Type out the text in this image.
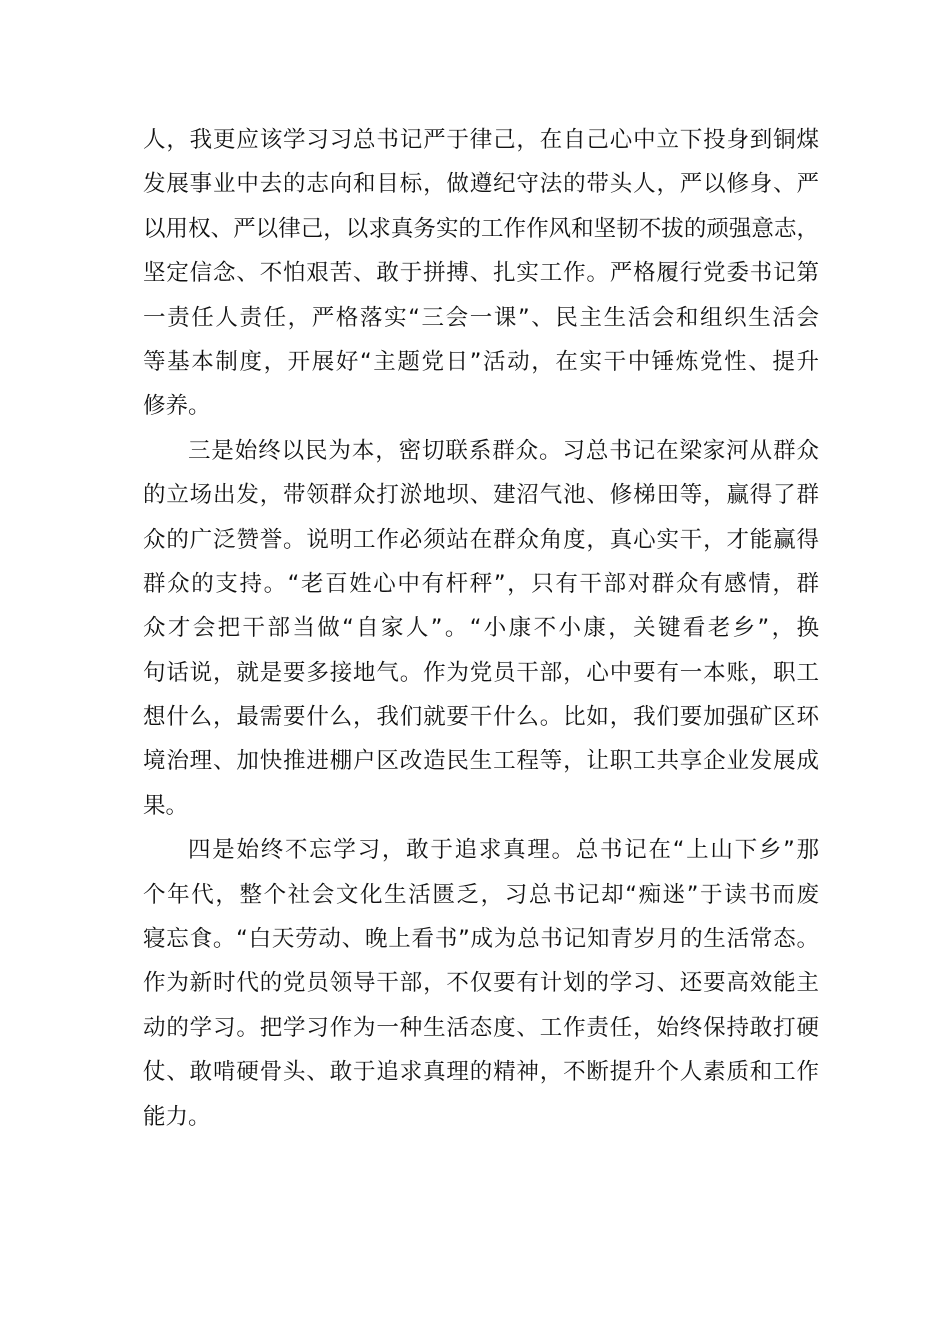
人，我更应该学习习总书记严于律己，在自己心中立下投身到铜煤
发展事业中去的志向和目标，做遵纪守法的带头人，严以修身、严
以用权、严以律己，以求真务实的工作作风和坚韧不拔的顽强意志，
坚定信念、不怕艰苦、敢于拼搏、扎实工作。严格履行党委书记第
一责任人责任，严格落实“三会一课”、民主生活会和组织生活会
等基本制度，开展好“主题党日”活动，在实干中锤炼党性、提升
修养。
三是始终以民为本，密切联系群众。习总书记在梁家河从群众
的立场出发，带领群众打淤地坝、建沼气池、修梯田等，赢得了群
众的广泛赞誉。说明工作必须站在群众角度，真心实干，才能赢得
群众的支持。“老百姓心中有杆秤”，只有干部对群众有感情，群
众才会把干部当做“自家人”。“小康不小康，关键看老乡”，换
句话说，就是要多接地气。作为党员干部，心中要有一本账，职工
想什么，最需要什么，我们就要干什么。比如，我们要加强矿区环
境治理、加快推进棚户区改造民生工程等，让职工共享企业发展成
果。
四是始终不忘学习，敢于追求真理。总书记在“上山下乡”那
个年代，整个社会文化生活匮乏，习总书记却“痴迷”于读书而废
寝忘食。“白天劳动、晚上看书”成为总书记知青岁月的生活常态。
作为新时代的党员领导干部，不仅要有计划的学习、还要高效能主
动的学习。把学习作为一种生活态度、工作责任，始终保持敢打硬
仗、敢啃硬骨头、敢于追求真理的精神，不断提升个人素质和工作
能力。
